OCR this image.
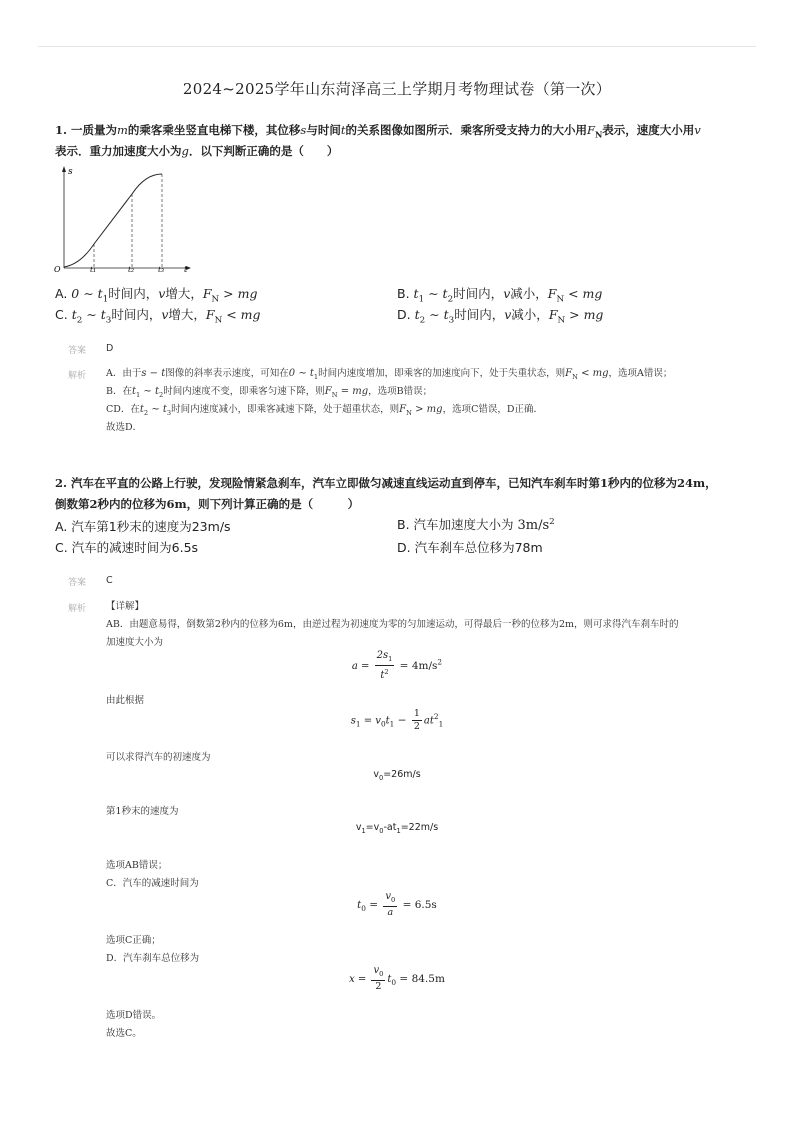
2024~2025学年山东菏泽高三上学期月考物理试卷（第一次）
1. 一质量为m的乘客乘坐竖直电梯下楼，其位移s与时间t的关系图像如图所示．乘客所受支持力的大小用$F_N$表示，速度大小用v
表示．重力加速度大小为g．以下判断正确的是（　　）
s
O	t
t₁	t₂	t₃
A. 0 ∼ $t_1$时间内，v增大，$F_N$ > mg	B. $t_1$ ∼ $t_2$时间内，v减小，$F_N$ < mg
C. $t_2$ ∼ $t_3$时间内，v增大，$F_N$ < mg	D. $t_2$ ∼ $t_3$时间内，v减小，$F_N$ > mg
答案 D
解析 A．由于s − t图像的斜率表示速度，可知在0 ∼ $t_1$时间内速度增加，即乘客的加速度向下，处于失重状态，则$F_N$ < mg，选项A错误；
B．在$t_1$ ∼ $t_2$时间内速度不变，即乘客匀速下降，则$F_N$ = mg，选项B错误；
CD．在$t_2$ ∼ $t_3$时间内速度减小，即乘客减速下降，处于超重状态，则$F_N$ > mg，选项C错误，D正确．
故选D．
2. 汽车在平直的公路上行驶，发现险情紧急刹车，汽车立即做匀减速直线运动直到停车，已知汽车刹车时第1秒内的位移为24m，
倒数第2秒内的位移为6m，则下列计算正确的是（　　　）
A. 汽车第1秒末的速度为23m/s	B. 汽车加速度大小为 $3m/s^2$
C. 汽车的减速时间为6.5s	D. 汽车刹车总位移为78m
答案 C
解析 【详解】
AB．由题意易得，倒数第2秒内的位移为6m，由逆过程为初速度为零的匀加速运动，可得最后一秒的位移为2m，则可求得汽车刹车时的
加速度大小为
$a = \frac{2s_1}{t^2} = 4m/s^2$
由此根据
$s_1 = v_0t_1 - \frac{1}{2} at^2_1$
可以求得汽车的初速度为
$v_0=26m/s$
第1秒末的速度为
$v_1=v_0-at_1=22m/s$
选项AB错误；
C．汽车的减速时间为
$t_0 = \frac{v_0}{a} = 6.5s$
选项C正确；
D．汽车刹车总位移为
$x = \frac{v_0}{2} t_0 = 84.5m$
选项D错误。
故选C。
